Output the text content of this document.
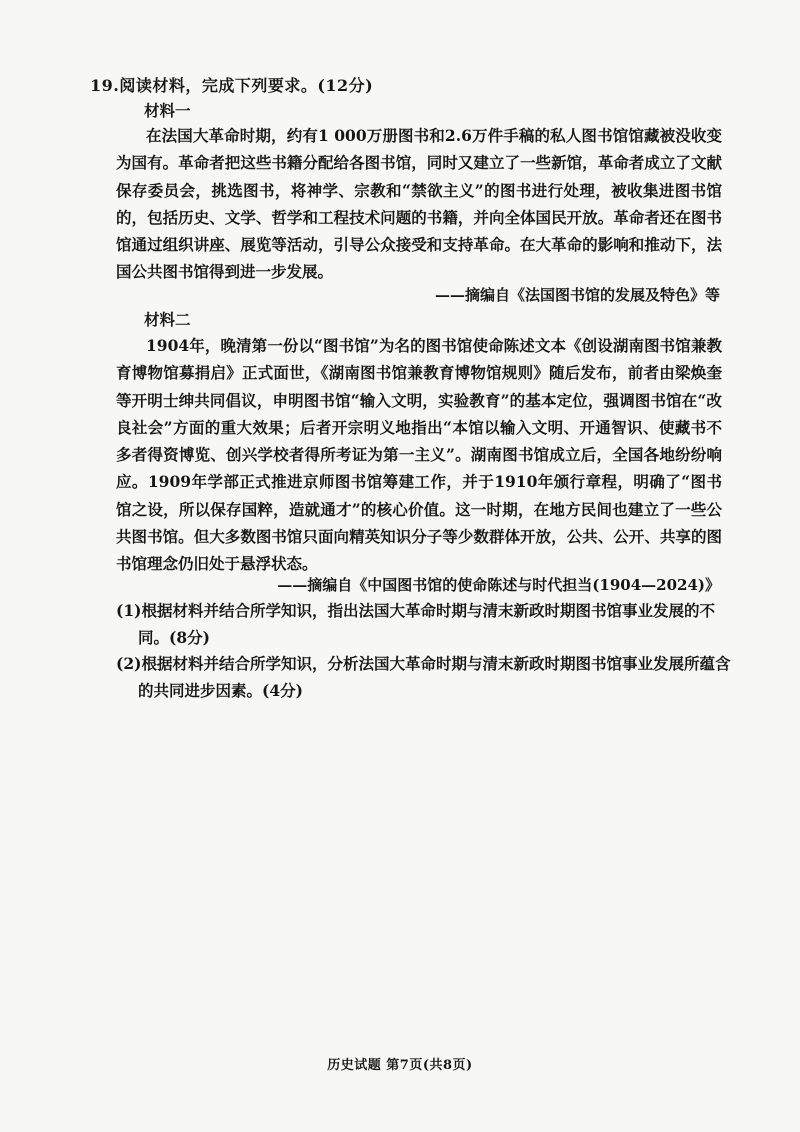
19.阅读材料，完成下列要求。(12分)
材料一
在法国大革命时期，约有1 000万册图书和2.6万件手稿的私人图书馆馆藏被没收变为国有。革命者把这些书籍分配给各图书馆，同时又建立了一些新馆，革命者成立了文献保存委员会，挑选图书，将神学、宗教和“禁欲主义”的图书进行处理，被收集进图书馆的，包括历史、文学、哲学和工程技术问题的书籍，并向全体国民开放。革命者还在图书馆通过组织讲座、展览等活动，引导公众接受和支持革命。在大革命的影响和推动下，法国公共图书馆得到进一步发展。
——摘编自《法国图书馆的发展及特色》等
材料二
1904年，晚清第一份以“图书馆”为名的图书馆使命陈述文本《创设湖南图书馆兼教育博物馆募捐启》正式面世，《湖南图书馆兼教育博物馆规则》随后发布，前者由梁焕奎等开明士绅共同倡议，申明图书馆“输入文明，实验教育”的基本定位，强调图书馆在“改良社会”方面的重大效果；后者开宗明义地指出“本馆以输入文明、开通智识、使藏书不多者得资博览、创兴学校者得所考证为第一主义”。湖南图书馆成立后，全国各地纷纷响应。1909年学部正式推进京师图书馆筹建工作，并于1910年颁行章程，明确了“图书馆之设，所以保存国粹，造就通才”的核心价值。这一时期，在地方民间也建立了一些公共图书馆。但大多数图书馆只面向精英知识分子等少数群体开放，公共、公开、共享的图书馆理念仍旧处于悬浮状态。
——摘编自《中国图书馆的使命陈述与时代担当(1904—2024)》
(1)根据材料并结合所学知识，指出法国大革命时期与清末新政时期图书馆事业发展的不同。(8分)
(2)根据材料并结合所学知识，分析法国大革命时期与清末新政时期图书馆事业发展所蕴含的共同进步因素。(4分)
历史试题 第7页(共8页)
